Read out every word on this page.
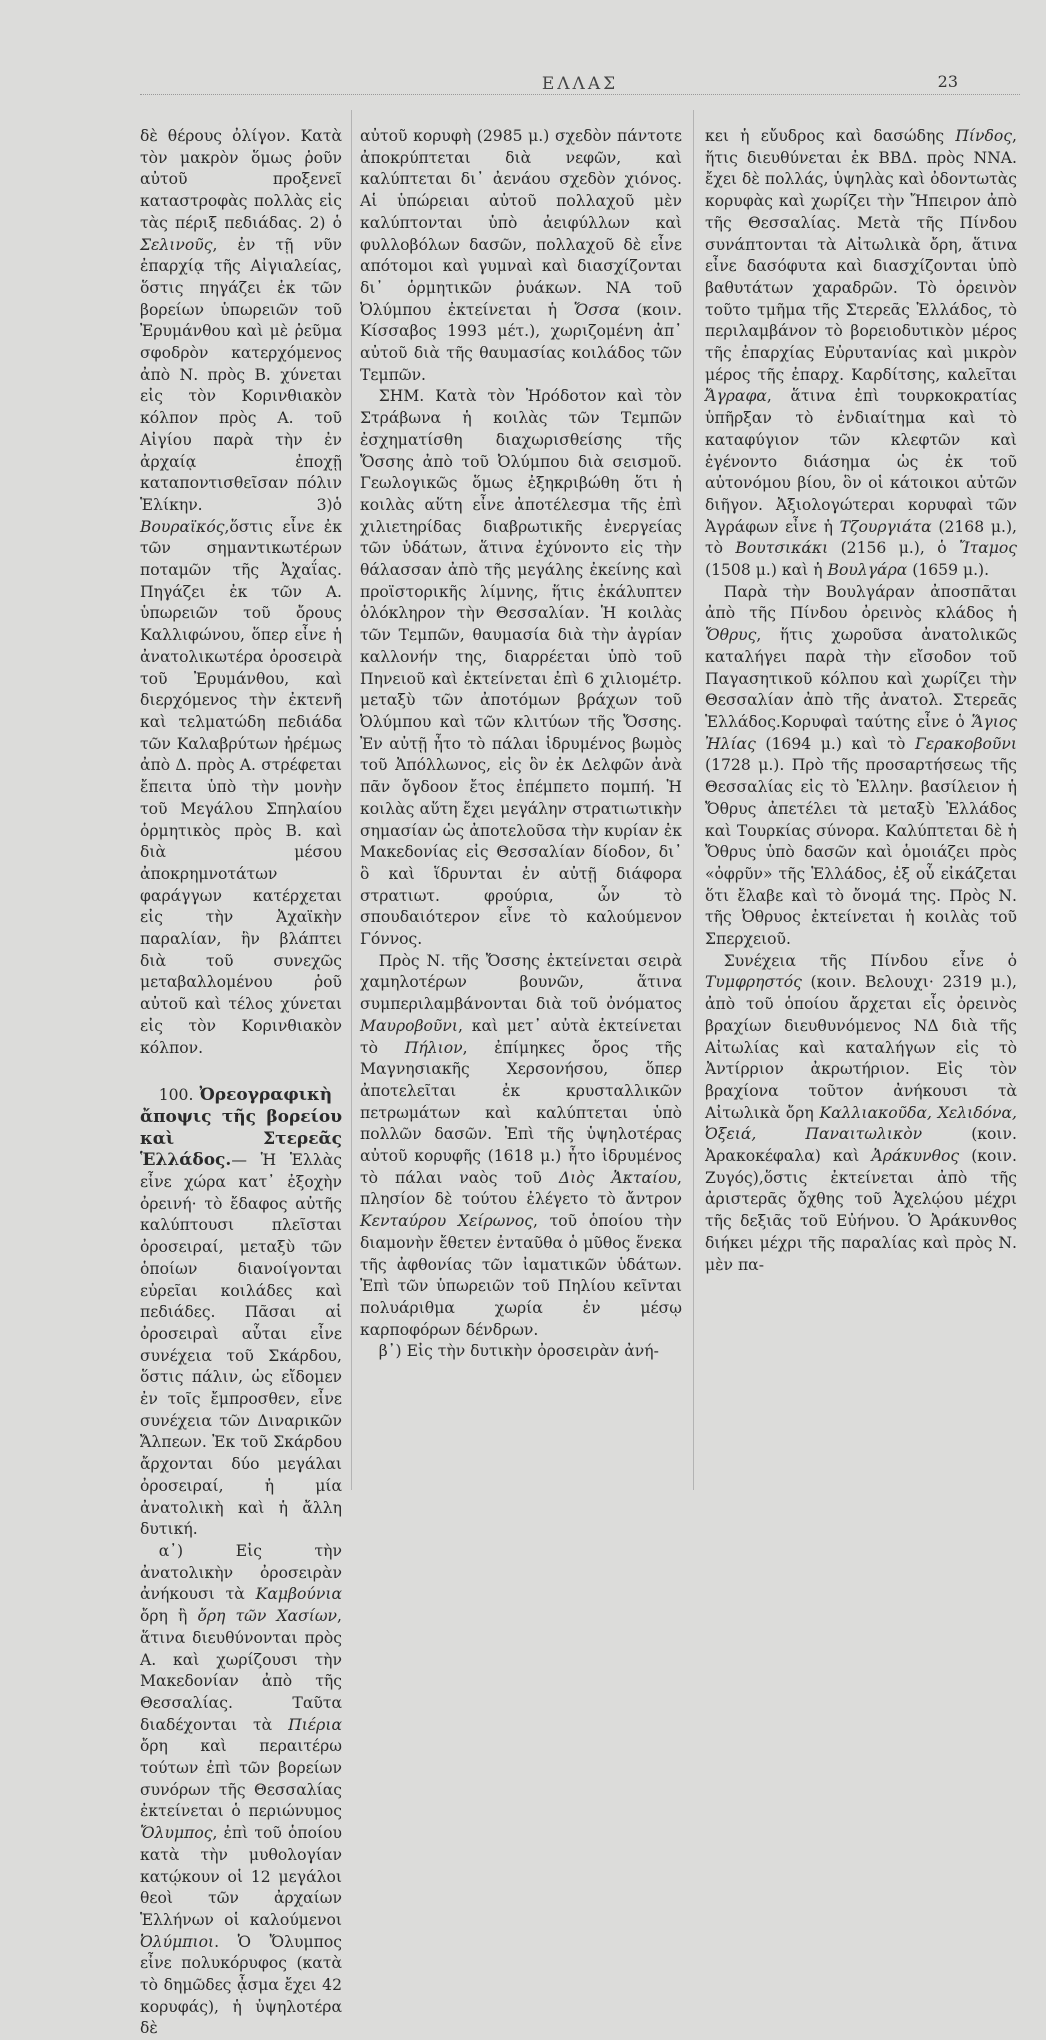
ΕΛΛΑΣ	23

δὲ θέρους ὀλίγον. Κατὰ τὸν μακρὸν ὅμως ῥοῦν αὐτοῦ προξενεῖ καταστροφὰς πολλὰς εἰς τὰς πέριξ πεδιάδας. 2) ὁ Σελινοῦς, ἐν τῇ νῦν ἐπαρχίᾳ τῆς Αἰγιαλείας, ὅστις πηγάζει ἐκ τῶν βορείων ὑπωρειῶν τοῦ Ἐρυμάνθου καὶ μὲ ῥεῦμα σφοδρὸν κατερχόμενος ἀπὸ Ν. πρὸς Β. χύνεται εἰς τὸν Κορινθιακὸν κόλπον πρὸς Α. τοῦ Αἰγίου παρὰ τὴν ἐν ἀρχαίᾳ ἐποχῇ καταποντισθεῖσαν πόλιν Ἑλίκην. 3)ὁ Βουραϊκός,ὅστις εἶνε ἐκ τῶν σημαντικωτέρων ποταμῶν τῆς Ἀχαΐας. Πηγάζει ἐκ τῶν Α. ὑπωρειῶν τοῦ ὄρους Καλλιφώνου, ὅπερ εἶνε ἡ ἀνατολικωτέρα ὀροσειρὰ τοῦ Ἐρυμάνθου, καὶ διερχόμενος τὴν ἐκτενῆ καὶ τελματώδη πεδιάδα τῶν Καλαβρύτων ἠρέμως ἀπὸ Δ. πρὸς Α. στρέφεται ἔπειτα ὑπὸ τὴν μονὴν τοῦ Μεγάλου Σπηλαίου ὁρμητικὸς πρὸς Β. καὶ διὰ μέσου ἀποκρημνοτάτων φαράγγων κατέρχεται εἰς τὴν Ἀχαϊκὴν παραλίαν, ἣν βλάπτει διὰ τοῦ συνεχῶς μεταβαλλομένου ῥοῦ αὐτοῦ καὶ τέλος χύνεται εἰς τὸν Κορινθιακὸν κόλπον.

100. Ὀρεογραφικὴ ἄποψις τῆς βορείου καὶ Στερεᾶς Ἑλλάδος.— Ἡ Ἑλλὰς εἶνε χώρα κατ᾽ ἐξοχὴν ὀρεινή· τὸ ἔδαφος αὐτῆς καλύπτουσι πλεῖσται ὀροσειραί, μεταξὺ τῶν ὁποίων διανοίγονται εὐρεῖαι κοιλάδες καὶ πεδιάδες. Πᾶσαι αἱ ὀροσειραὶ αὗται εἶνε συνέχεια τοῦ Σκάρδου, ὅστις πάλιν, ὡς εἴδομεν ἐν τοῖς ἔμπροσθεν, εἶνε συνέχεια τῶν Διναρικῶν Ἄλπεων. Ἐκ τοῦ Σκάρδου ἄρχονται δύο μεγάλαι ὀροσειραί, ἡ μία ἀνατολικὴ καὶ ἡ ἄλλη δυτική.

α᾽) Εἰς τὴν ἀνατολικὴν ὀροσειρὰν ἀνήκουσι τὰ Καμβούνια ὄρη ἢ ὄρη τῶν Χασίων, ἅτινα διευθύνονται πρὸς Α. καὶ χωρίζουσι τὴν Μακεδονίαν ἀπὸ τῆς Θεσσαλίας. Ταῦτα διαδέχονται τὰ Πιέρια ὄρη καὶ περαιτέρω τούτων ἐπὶ τῶν βορείων συνόρων τῆς Θεσσαλίας ἐκτείνεται ὁ περιώνυμος Ὄλυμπος, ἐπὶ τοῦ ὁποίου κατὰ τὴν μυθολογίαν κατῴκουν οἱ 12 μεγάλοι θεοὶ τῶν ἀρχαίων Ἑλλήνων οἱ καλούμενοι Ὀλύμπιοι. Ὁ Ὄλυμπος εἶνε πολυκόρυφος (κατὰ τὸ δημῶδες ᾆσμα ἔχει 42 κορυφάς), ἡ ὑψηλοτέρα δὲ

αὐτοῦ κορυφὴ (2985 μ.) σχεδὸν πάντοτε ἀποκρύπτεται διὰ νεφῶν, καὶ καλύπτεται δι᾽ ἀενάου σχεδὸν χιόνος. Αἱ ὑπώρειαι αὐτοῦ πολλαχοῦ μὲν καλύπτονται ὑπὸ ἀειφύλλων καὶ φυλλοβόλων δασῶν, πολλαχοῦ δὲ εἶνε απότομοι καὶ γυμναὶ καὶ διασχίζονται δι᾽ ὁρμητικῶν ῥυάκων. ΝΑ τοῦ Ὀλύμπου ἐκτείνεται ἡ Ὄσσα (κοιν. Κίσσαβος 1993 μέτ.), χωριζομένη ἀπ᾽ αὐτοῦ διὰ τῆς θαυμασίας κοιλάδος τῶν Τεμπῶν.

ΣΗΜ. Κατὰ τὸν Ἡρόδοτον καὶ τὸν Στράβωνα ἡ κοιλὰς τῶν Τεμπῶν ἐσχηματίσθη διαχωρισθείσης τῆς Ὄσσης ἀπὸ τοῦ Ὀλύμπου διὰ σεισμοῦ. Γεωλογικῶς ὅμως ἐξηκριβώθη ὅτι ἡ κοιλὰς αὕτη εἶνε ἀποτέλεσμα τῆς ἐπὶ χιλιετηρίδας διαβρωτικῆς ἐνεργείας τῶν ὑδάτων, ἅτινα ἐχύνοντο εἰς τὴν θάλασσαν ἀπὸ τῆς μεγάλης ἐκείνης καὶ προϊστορικῆς λίμνης, ἥτις ἐκάλυπτεν ὁλόκληρον τὴν Θεσσαλίαν. Ἡ κοιλὰς τῶν Τεμπῶν, θαυμασία διὰ τὴν ἀγρίαν καλλονήν της, διαρρέεται ὑπὸ τοῦ Πηνειοῦ καὶ ἐκτείνεται ἐπὶ 6 χιλιομέτρ. μεταξὺ τῶν ἀποτόμων βράχων τοῦ Ὀλύμπου καὶ τῶν κλιτύων τῆς Ὄσσης. Ἐν αὐτῇ ἦτο τὸ πάλαι ἱδρυμένος βωμὸς τοῦ Ἀπόλλωνος, εἰς ὃν ἐκ Δελφῶν ἀνὰ πᾶν ὄγδοον ἔτος ἐπέμπετο πομπή. Ἡ κοιλὰς αὕτη ἔχει μεγάλην στρατιωτικὴν σημασίαν ὡς ἀποτελοῦσα τὴν κυρίαν ἐκ Μακεδονίας εἰς Θεσσαλίαν δίοδον, δι᾽ ὃ καὶ ἵδρυνται ἐν αὐτῇ διάφορα στρατιωτ. φρούρια, ὧν τὸ σπουδαιότερον εἶνε τὸ καλούμενον Γόννος.

Πρὸς Ν. τῆς Ὄσσης ἐκτείνεται σειρὰ χαμηλοτέρων βουνῶν, ἅτινα συμπεριλαμβάνονται διὰ τοῦ ὀνόματος Μαυροβοῦνι, καὶ μετ᾽ αὐτὰ ἐκτείνεται τὸ Πήλιον, ἐπίμηκες ὄρος τῆς Μαγνησιακῆς Χερσονήσου, ὅπερ ἀποτελεῖται ἐκ κρυσταλλικῶν πετρωμάτων καὶ καλύπτεται ὑπὸ πολλῶν δασῶν. Ἐπὶ τῆς ὑψηλοτέρας αὐτοῦ κορυφῆς (1618 μ.) ἦτο ἱδρυμένος τὸ πάλαι ναὸς τοῦ Διὸς Ἀκταίου, πλησίον δὲ τούτου ἐλέγετο τὸ ἄντρον Κενταύρου Χείρωνος, τοῦ ὁποίου τὴν διαμονὴν ἔθετεν ἐνταῦθα ὁ μῦθος ἕνεκα τῆς ἀφθονίας τῶν ἰαματικῶν ὑδάτων. Ἐπὶ τῶν ὑπωρειῶν τοῦ Πηλίου κεῖνται πολυάριθμα χωρία ἐν μέσῳ καρποφόρων δένδρων.

β᾽) Εἰς τὴν δυτικὴν ὀροσειρὰν ἀνή-

κει ἡ εὔυδρος καὶ δασώδης Πίνδος, ἥτις διευθύνεται ἐκ ΒΒΔ. πρὸς ΝΝΑ. ἔχει δὲ πολλάς, ὑψηλὰς καὶ ὀδοντωτὰς κορυφὰς καὶ χωρίζει τὴν Ἤπειρον ἀπὸ τῆς Θεσσαλίας. Μετὰ τῆς Πίνδου συνάπτονται τὰ Αἰτωλικὰ ὄρη, ἅτινα εἶνε δασόφυτα καὶ διασχίζονται ὑπὸ βαθυτάτων χαραδρῶν. Τὸ ὀρεινὸν τοῦτο τμῆμα τῆς Στερεᾶς Ἑλλάδος, τὸ περιλαμβάνον τὸ βορειοδυτικὸν μέρος τῆς ἐπαρχίας Εὐρυτανίας καὶ μικρὸν μέρος τῆς ἐπαρχ. Καρδίτσης, καλεῖται Ἄγραφα, ἅτινα ἐπὶ τουρκοκρατίας ὑπῆρξαν τὸ ἐνδιαίτημα καὶ τὸ καταφύγιον τῶν κλεφτῶν καὶ ἐγένοντο διάσημα ὡς ἐκ τοῦ αὐτονόμου βίου, ὃν οἱ κάτοικοι αὐτῶν διῆγον. Ἀξιολογώτεραι κορυφαὶ τῶν Ἀγράφων εἶνε ἡ Τζουργιάτα (2168 μ.), τὸ Βουτσικάκι (2156 μ.), ὁ Ἴταμος (1508 μ.) καὶ ἡ Βουλγάρα (1659 μ.).

Παρὰ τὴν Βουλγάραν ἀποσπᾶται ἀπὸ τῆς Πίνδου ὀρεινὸς κλάδος ἡ Ὄθρυς, ἥτις χωροῦσα ἀνατολικῶς καταλήγει παρὰ τὴν εἴσοδον τοῦ Παγασητικοῦ κόλπου καὶ χωρίζει τὴν Θεσσαλίαν ἀπὸ τῆς ἀνατολ. Στερεᾶς Ἑλλάδος.Κορυφαὶ ταύτης εἶνε ὁ Ἅγιος Ἠλίας (1694 μ.) καὶ τὸ Γερακοβοῦνι (1728 μ.). Πρὸ τῆς προσαρτήσεως τῆς Θεσσαλίας εἰς τὸ Ἑλλην. βασίλειον ἡ Ὄθρυς ἀπετέλει τὰ μεταξὺ Ἑλλάδος καὶ Τουρκίας σύνορα. Καλύπτεται δὲ ἡ Ὄθρυς ὑπὸ δασῶν καὶ ὁμοιάζει πρὸς «ὀφρῦν» τῆς Ἑλλάδος, ἐξ οὗ εἰκάζεται ὅτι ἔλαβε καὶ τὸ ὄνομά της. Πρὸς Ν. τῆς Ὀθρυος ἐκτείνεται ἡ κοιλὰς τοῦ Σπερχειοῦ.

Συνέχεια τῆς Πίνδου εἶνε ὁ Τυμφρηστός (κοιν. Βελουχι· 2319 μ.), ἀπὸ τοῦ ὁποίου ἄρχεται εἷς ὀρεινὸς βραχίων διευθυνόμενος ΝΔ διὰ τῆς Αἰτωλίας καὶ καταλήγων εἰς τὸ Ἀντίρριον ἀκρωτήριον. Εἰς τὸν βραχίονα τοῦτον ἀνήκουσι τὰ Αἰτωλικὰ ὄρη Καλλιακοῦδα, Χελιδόνα, Ὀξειά, Παναιτωλικὸν (κοιν. Ἀρακοκέφαλα) καὶ Ἀράκυνθος (κοιν. Ζυγός),ὅστις ἐκτείνεται ἀπὸ τῆς ἀριστερᾶς ὄχθης τοῦ Ἀχελῴου μέχρι τῆς δεξιᾶς τοῦ Εὐήνου. Ὁ Ἀράκυνθος διήκει μέχρι τῆς παραλίας καὶ πρὸς Ν. μὲν πα-
